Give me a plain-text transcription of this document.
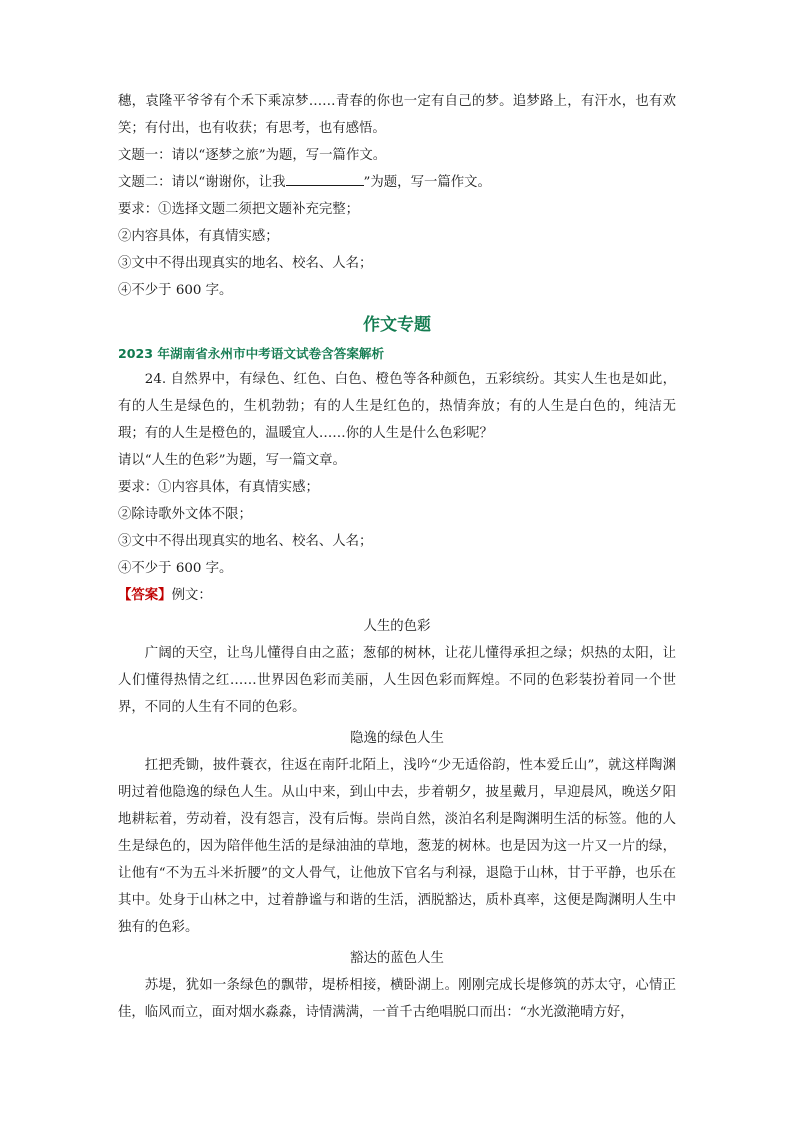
穗，袁隆平爷爷有个禾下乘凉梦……青春的你也一定有自己的梦。追梦路上，有汗水，也有欢笑；有付出，也有收获；有思考，也有感悟。

文题一：请以“逐梦之旅”为题，写一篇作文。

文题二：请以“谢谢你，让我	”为题，写一篇作文。

要求：①选择文题二须把文题补充完整；

②内容具体，有真情实感；

③文中不得出现真实的地名、校名、人名；

④不少于 600 字。

作文专题

2023 年湖南省永州市中考语文试卷含答案解析

24. 自然界中，有绿色、红色、白色、橙色等各种颜色，五彩缤纷。其实人生也是如此，有的人生是绿色的，生机勃勃；有的人生是红色的，热情奔放；有的人生是白色的，纯洁无瑕；有的人生是橙色的，温暖宜人……你的人生是什么色彩呢？

请以“人生的色彩”为题，写一篇文章。

要求：①内容具体，有真情实感；

②除诗歌外文体不限；

③文中不得出现真实的地名、校名、人名；

④不少于 600 字。

【答案】例文：

人生的色彩

广阔的天空，让鸟儿懂得自由之蓝；葱郁的树林，让花儿懂得承担之绿；炽热的太阳，让人们懂得热情之红……世界因色彩而美丽，人生因色彩而辉煌。不同的色彩装扮着同一个世界，不同的人生有不同的色彩。

隐逸的绿色人生

扛把秃锄，披件蓑衣，往返在南阡北陌上，浅吟“少无适俗韵，性本爱丘山”，就这样陶渊明过着他隐逸的绿色人生。从山中来，到山中去，步着朝夕，披星戴月，早迎晨风，晚送夕阳地耕耘着，劳动着，没有怨言，没有后悔。崇尚自然，淡泊名利是陶渊明生活的标签。他的人生是绿色的，因为陪伴他生活的是绿油油的草地，葱茏的树林。也是因为这一片又一片的绿，让他有“不为五斗米折腰”的文人骨气，让他放下官名与利禄，退隐于山林，甘于平静，也乐在其中。处身于山林之中，过着静谧与和谐的生活，洒脱豁达，质朴真率，这便是陶渊明人生中独有的色彩。

豁达的蓝色人生

苏堤，犹如一条绿色的飘带，堤桥相接，横卧湖上。刚刚完成长堤修筑的苏太守，心情正佳，临风而立，面对烟水淼淼，诗情满满，一首千古绝唱脱口而出：“水光潋滟晴方好，
